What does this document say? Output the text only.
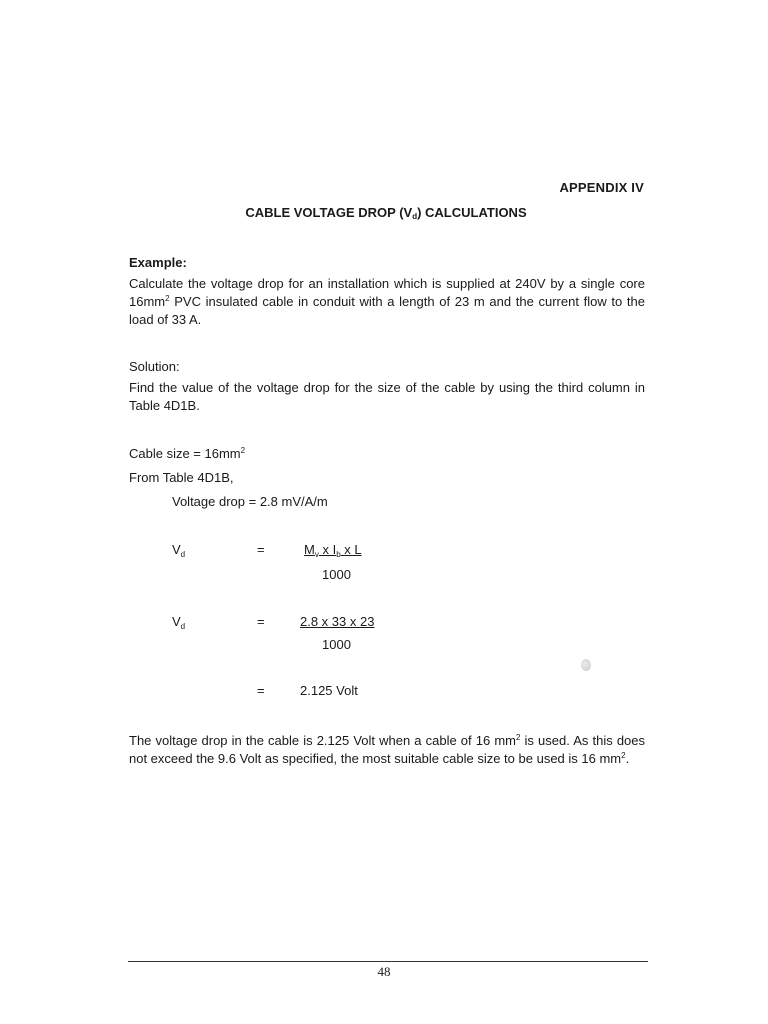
APPENDIX IV
CABLE VOLTAGE DROP $(V_d)$ CALCULATIONS
Example:
Calculate the voltage drop for an installation which is supplied at 240V by a single core $16mm^2$ PVC insulated cable in conduit with a length of 23 m and the current flow to the load of 33 A.
Solution:
Find the value of the voltage drop for the size of the cable by using the third column in Table 4D1B.
Cable size = $16mm^2$
From Table 4D1B,
Voltage drop = 2.8 mV/A/m
$V_d$	=	$M_v$ x $I_b$ x L
1000
$V_d$	=	2.8 x 33 x 23
1000
=	2.125 Volt
The voltage drop in the cable is 2.125 Volt when a cable of 16 $mm^2$ is used. As this does not exceed the 9.6 Volt as specified, the most suitable cable size to be used is 16 $mm^2$.
48
